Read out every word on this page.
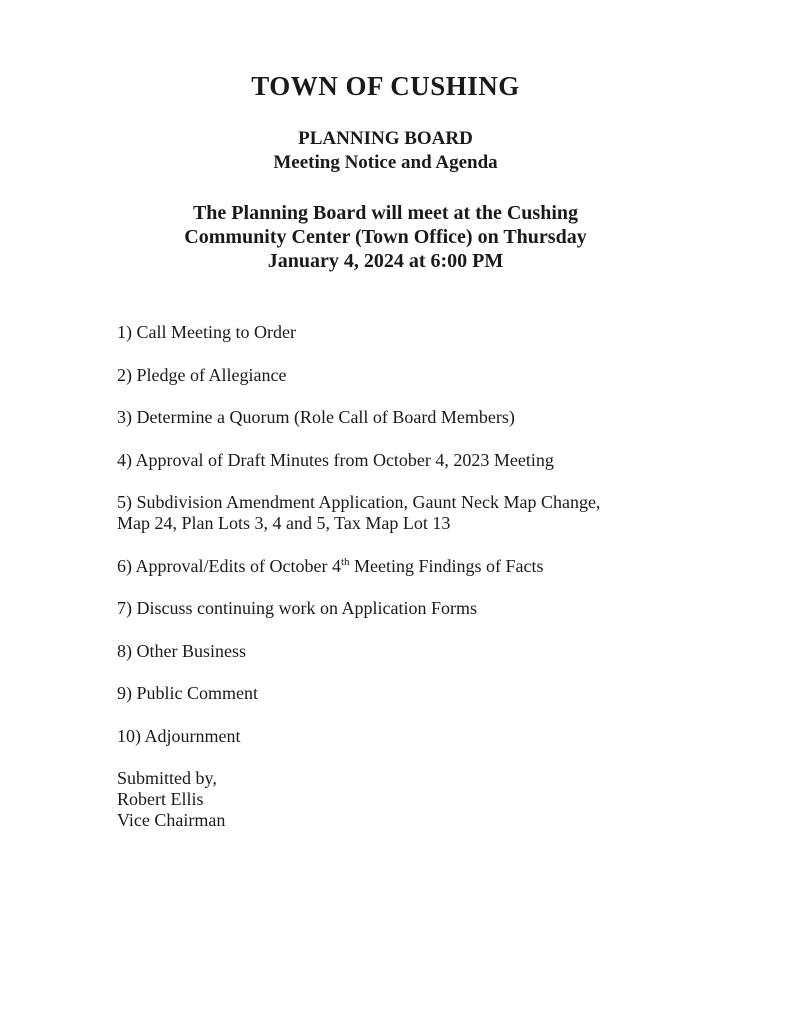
TOWN OF CUSHING
PLANNING BOARD
Meeting Notice and Agenda
The Planning Board will meet at the Cushing
Community Center (Town Office) on Thursday
January 4, 2024 at 6:00 PM
1) Call Meeting to Order
2) Pledge of Allegiance
3) Determine a Quorum (Role Call of Board Members)
4) Approval of Draft Minutes from October 4, 2023 Meeting
5) Subdivision Amendment Application, Gaunt Neck Map Change,
Map 24, Plan Lots 3, 4 and 5, Tax Map Lot 13
6) Approval/Edits of October 4th Meeting Findings of Facts
7) Discuss continuing work on Application Forms
8) Other Business
9) Public Comment
10) Adjournment
Submitted by,
Robert Ellis
Vice Chairman
